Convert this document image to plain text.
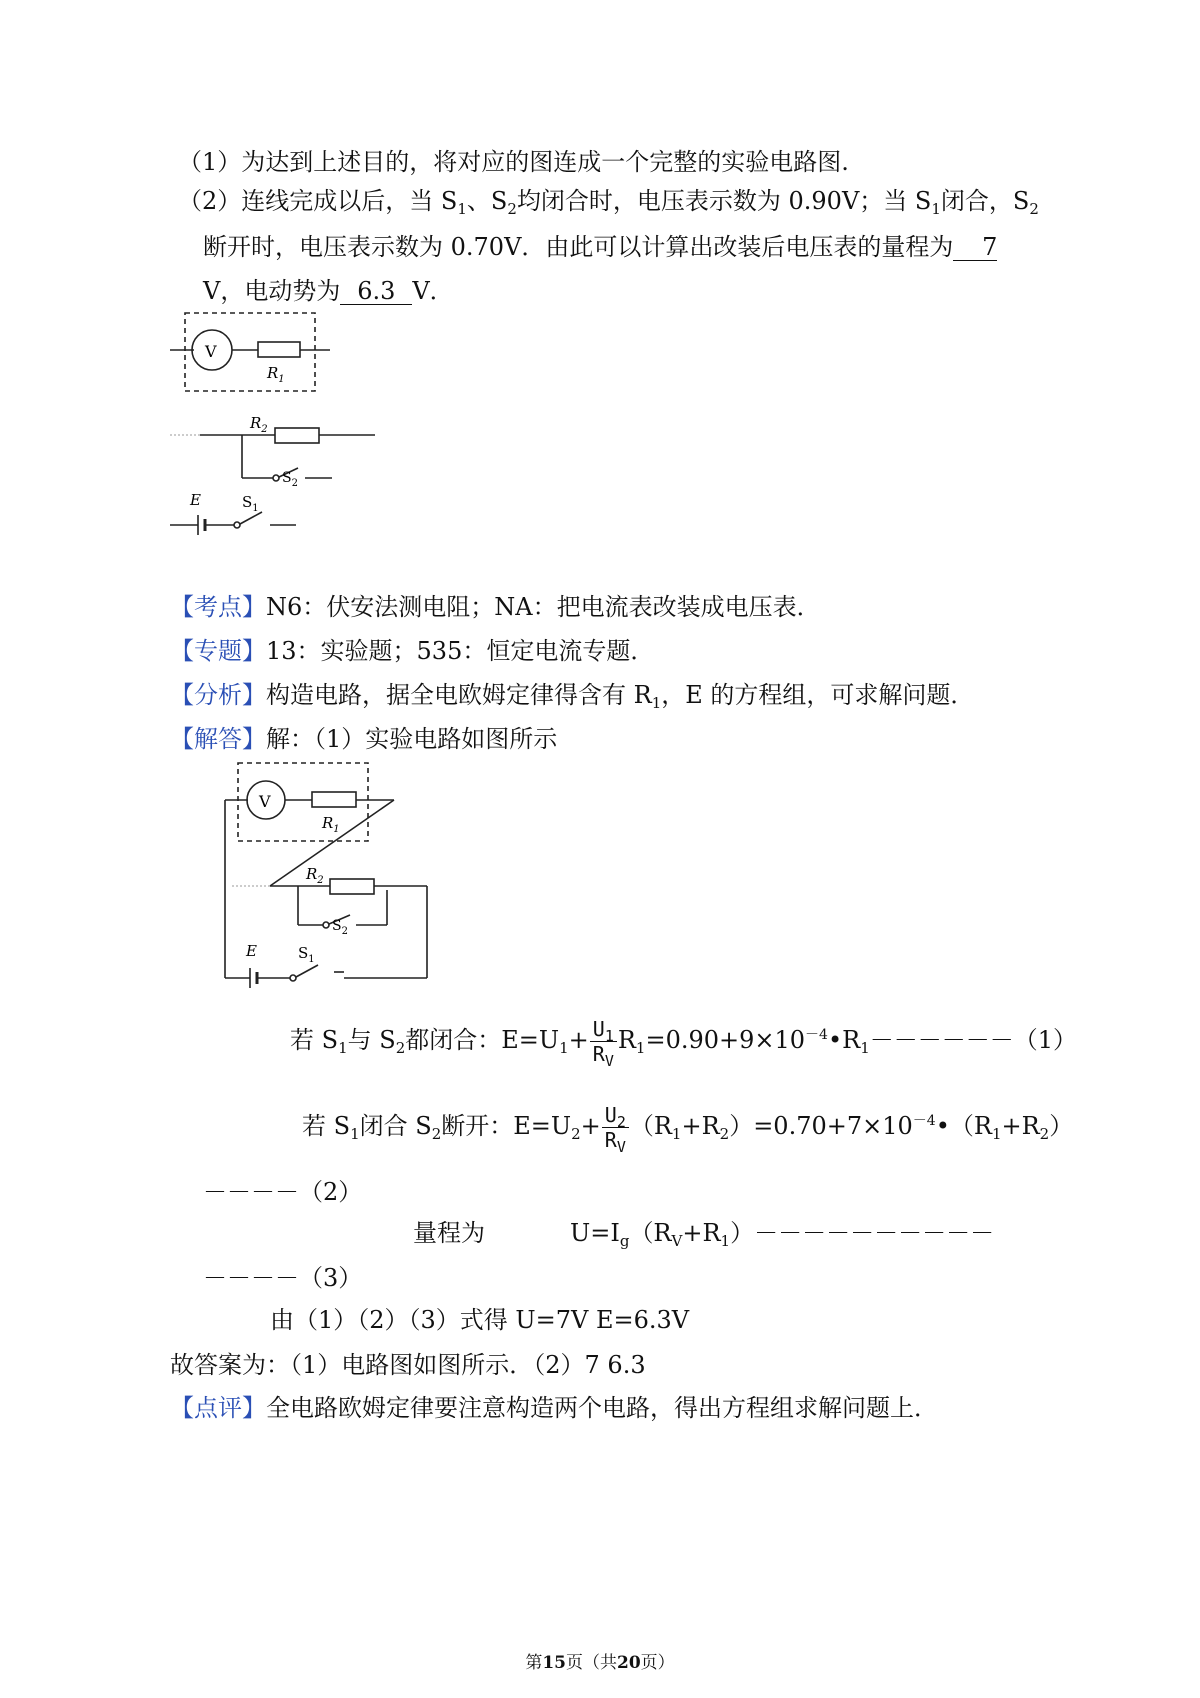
（1）为达到上述目的，将对应的图连成一个完整的实验电路图.
（2）连线完成以后，当 $S_1$、$S_2$均闭合时，电压表示数为 0.90V；当 $S_1$闭合，$S_2$
断开时，电压表示数为 0.70V．由此可以计算出改装后电压表的量程为 7
V，电动势为 6.3 V．
V
$R_1$
$R_2$
$S_2$
E	$S_1$
【考点】N6：伏安法测电阻；NA：把电流表改装成电压表．
【专题】13：实验题；535：恒定电流专题．
【分析】构造电路，据全电欧姆定律得含有 $R_1$，E 的方程组，可求解问题．
【解答】解：（1）实验电路如图所示
V
$R_1$
$R_2$
$S_2$
E	$S_1$
若 $S_1$与 $S_2$都闭合：$E=U_1+ \frac{U_1}{R_V}$ $R_1=0.90+9\times 10^{-4}•R_1------(1)$
若 $S_1$闭合 $S_2$断开：$E=U_2+ \frac{U_2}{R_V}$ $(R_1+R_2)=0.70+7\times 10^{-4}•(R_1+R_2)$
－－－－（2）
量程为	$U=I_g(R_V+R_1)----------$
－－－－（3）
由（1）（2）（3）式得 U=7V E=6.3V
故答案为：（1）电路图如图所示．（2）7 6.3
【点评】全电路欧姆定律要注意构造两个电路，得出方程组求解问题上．
第15页（共20页）
